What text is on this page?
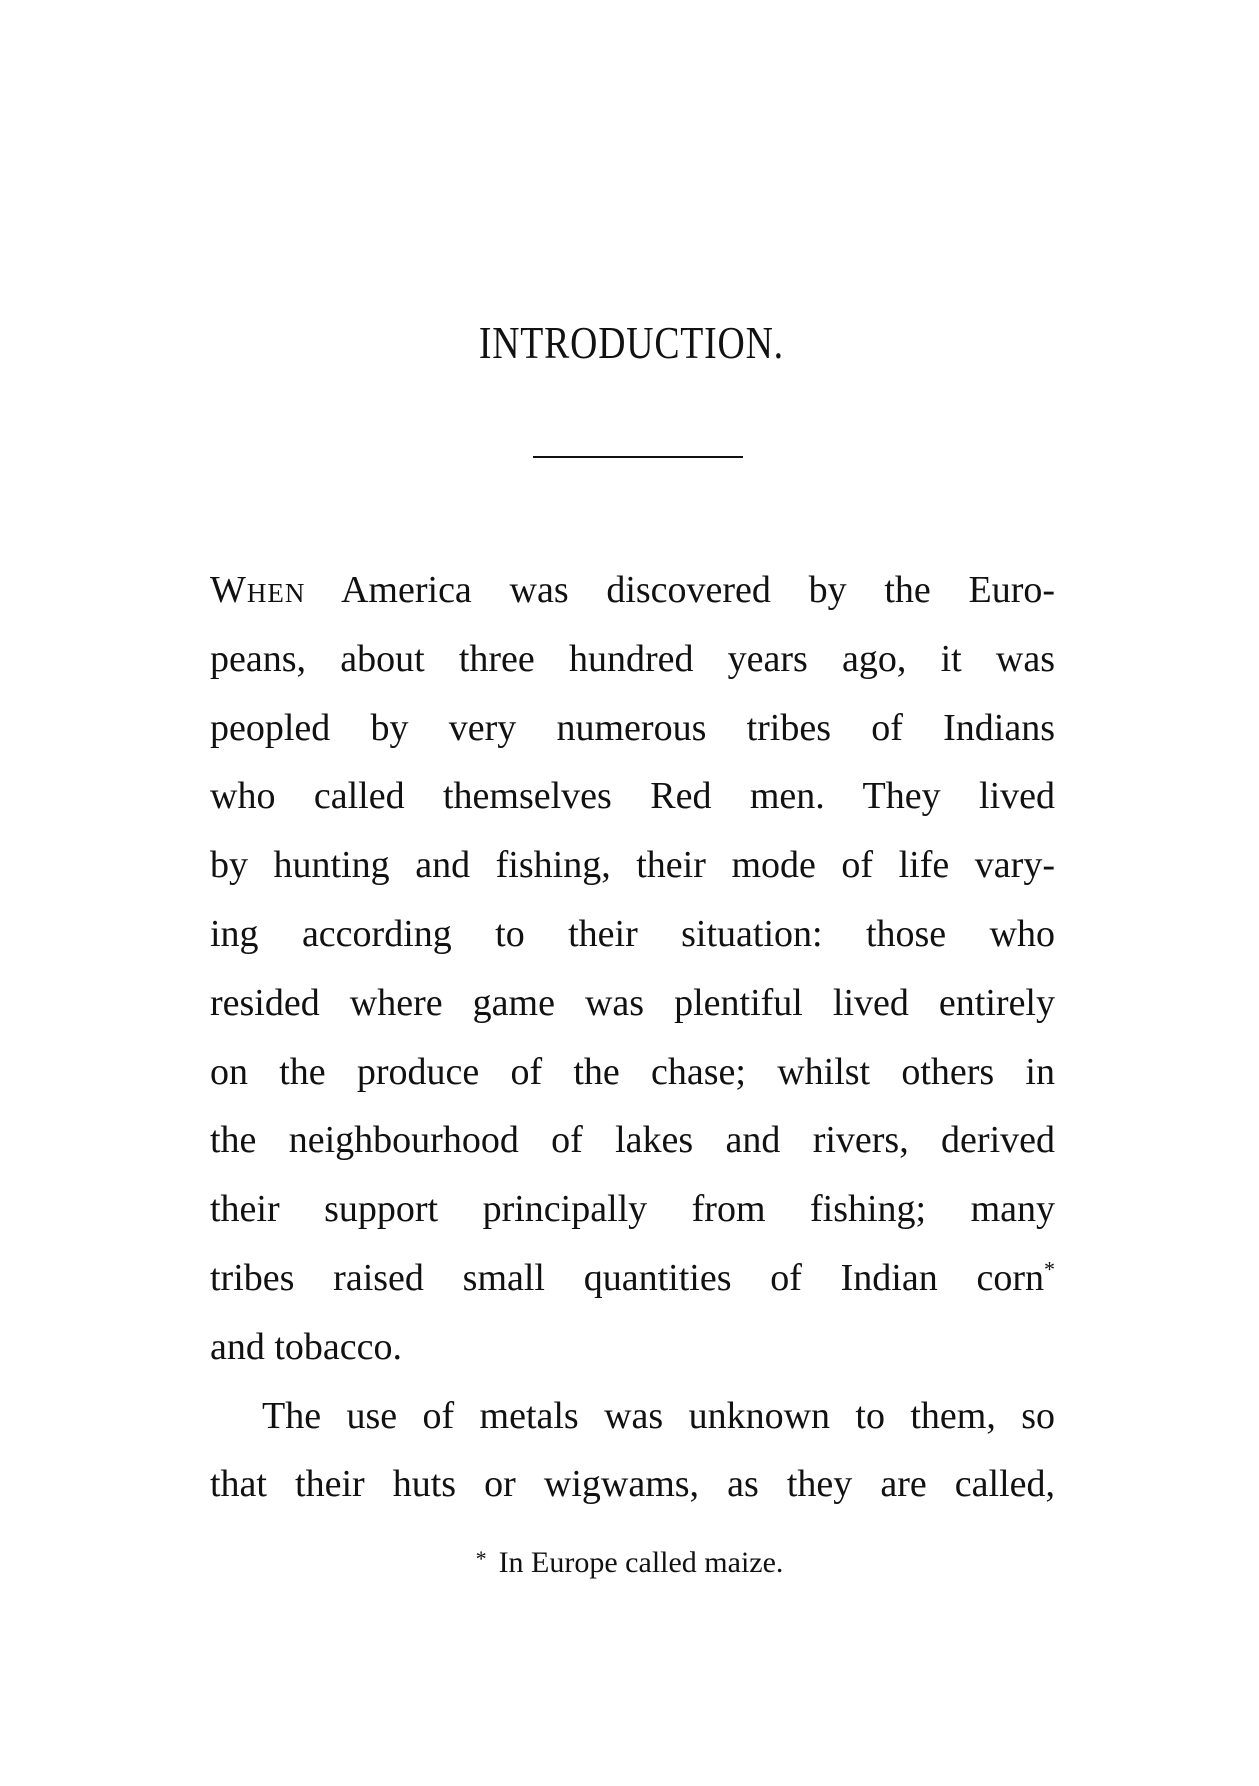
INTRODUCTION.
When America was discovered by the Euro-
peans, about three hundred years ago, it was
peopled by very numerous tribes of Indians
who called themselves Red men. They lived
by hunting and fishing, their mode of life vary-
ing according to their situation: those who
resided where game was plentiful lived entirely
on the produce of the chase; whilst others in
the neighbourhood of lakes and rivers, derived
their support principally from fishing; many
tribes raised small quantities of Indian corn*
and tobacco.
The use of metals was unknown to them, so
that their huts or wigwams, as they are called,
* In Europe called maize.
